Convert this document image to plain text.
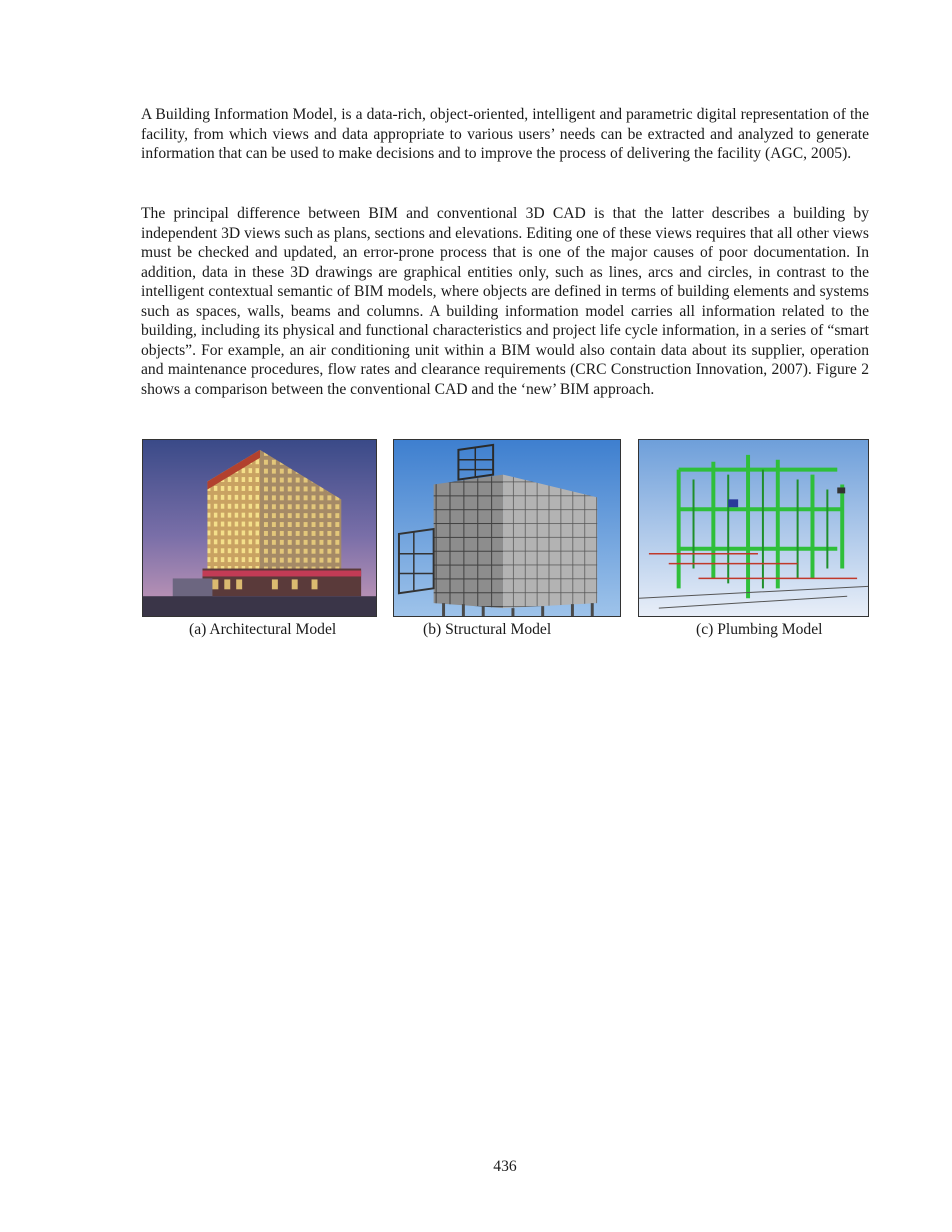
A Building Information Model, is a data-rich, object-oriented, intelligent and parametric digital representation of the facility, from which views and data appropriate to various users’ needs can be extracted and analyzed to generate information that can be used to make decisions and to improve the process of delivering the facility (AGC, 2005).

The principal difference between BIM and conventional 3D CAD is that the latter describes a building by independent 3D views such as plans, sections and elevations. Editing one of these views requires that all other views must be checked and updated, an error-prone process that is one of the major causes of poor documentation. In addition, data in these 3D drawings are graphical entities only, such as lines, arcs and circles, in contrast to the intelligent contextual semantic of BIM models, where objects are defined in terms of building elements and systems such as spaces, walls, beams and columns. A building information model carries all information related to the building, including its physical and functional characteristics and project life cycle information, in a series of “smart objects”. For example, an air conditioning unit within a BIM would also contain data about its supplier, operation and maintenance procedures, flow rates and clearance requirements (CRC Construction Innovation, 2007). Figure 2 shows a comparison between the conventional CAD and the ‘new’ BIM approach.

(a) Architectural Model	(b) Structural Model	(c) Plumbing Model
436
